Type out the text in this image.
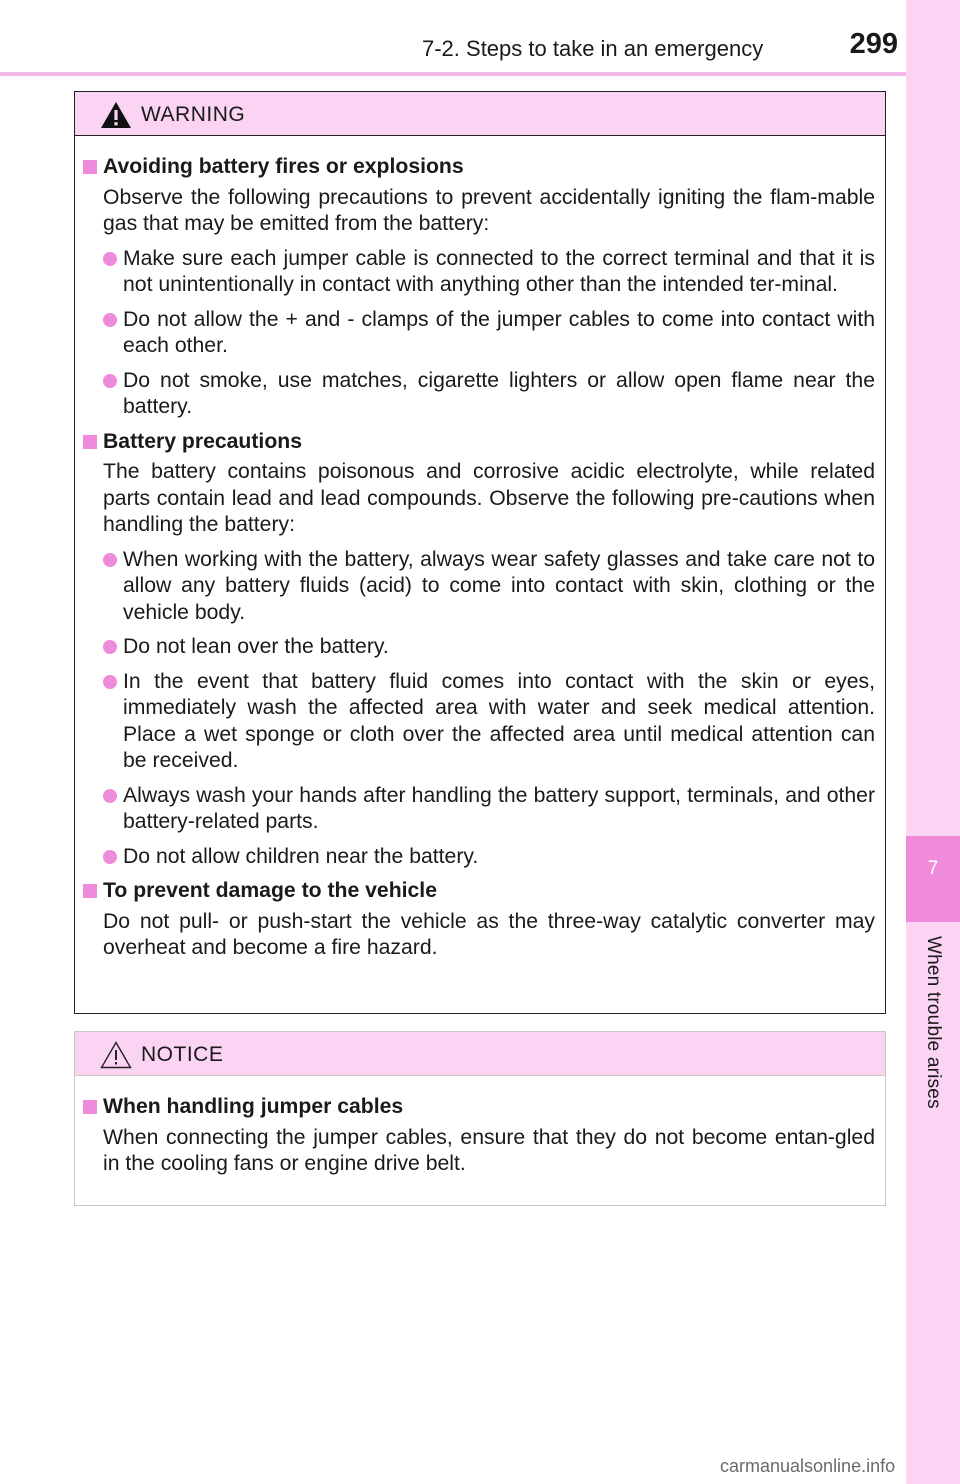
7-2. Steps to take in an emergency	299
7
When trouble arises
WARNING
Avoiding battery fires or explosions
Observe the following precautions to prevent accidentally igniting the flam-mable gas that may be emitted from the battery:
Make sure each jumper cable is connected to the correct terminal and that it is not unintentionally in contact with anything other than the intended ter-minal.
Do not allow the + and - clamps of the jumper cables to come into contact with each other.
Do not smoke, use matches, cigarette lighters or allow open flame near the battery.
Battery precautions
The battery contains poisonous and corrosive acidic electrolyte, while related parts contain lead and lead compounds. Observe the following pre-cautions when handling the battery:
When working with the battery, always wear safety glasses and take care not to allow any battery fluids (acid) to come into contact with skin, clothing or the vehicle body.
Do not lean over the battery.
In the event that battery fluid comes into contact with the skin or eyes, immediately wash the affected area with water and seek medical attention. Place a wet sponge or cloth over the affected area until medical attention can be received.
Always wash your hands after handling the battery support, terminals, and other battery-related parts.
Do not allow children near the battery.
To prevent damage to the vehicle
Do not pull- or push-start the vehicle as the three-way catalytic converter may overheat and become a fire hazard.
NOTICE
When handling jumper cables
When connecting the jumper cables, ensure that they do not become entan-gled in the cooling fans or engine drive belt.
carmanualsonline.info
